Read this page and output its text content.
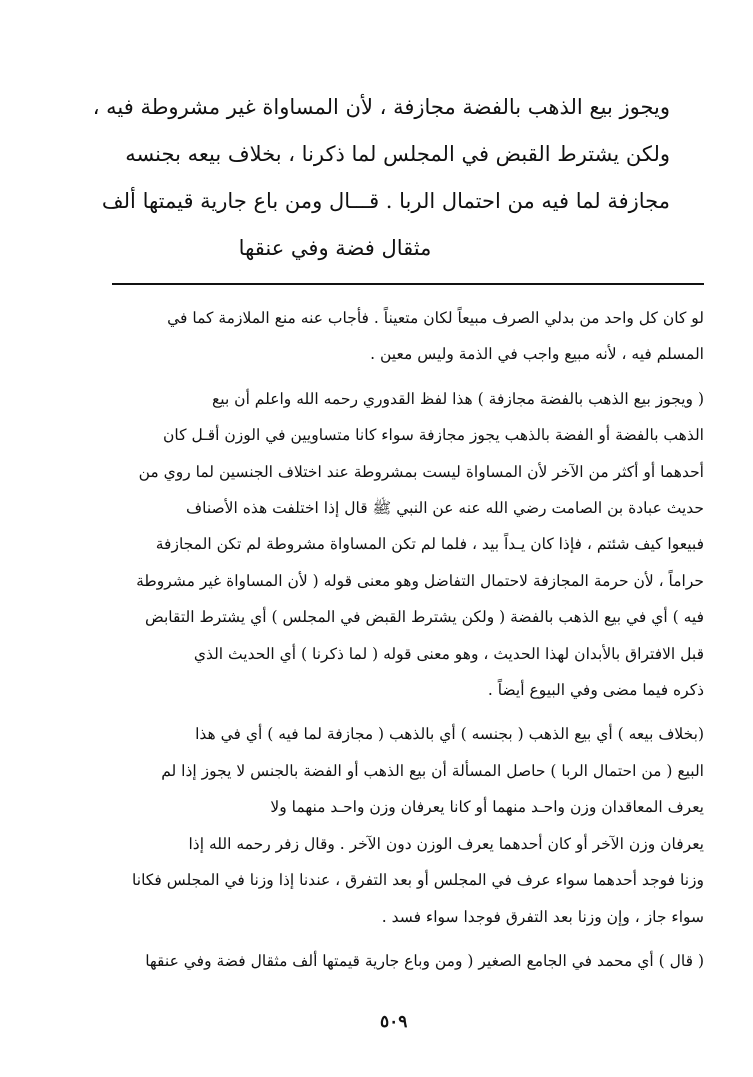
ويجوز بيع الذهب بالفضة مجازفة ، لأن المساواة غير مشروطة فيه ،
ولكن يشترط القبض في المجلس لما ذكرنا ، بخلاف بيعه بجنسه
مجازفة لما فيه من احتمال الربا . قـــال ومن باع جارية قيمتها ألف
مثقال فضة وفي عنقها
لو كان كل واحد من بدلي الصرف مبيعاً لكان متعيناً . فأجاب عنه منع الملازمة كما في
المسلم فيه ، لأنه مبيع واجب في الذمة وليس معين .
( ويجوز بيع الذهب بالفضة مجازفة ) هذا لفظ القدوري رحمه الله واعلم أن بيع
الذهب بالفضة أو الفضة بالذهب يجوز مجازفة سواء كانا متساويين في الوزن أقـل كان
أحدهما أو أكثر من الآخر لأن المساواة ليست بمشروطة عند اختلاف الجنسين لما روي من
حديث عبادة بن الصامت رضي الله عنه عن النبي ﷺ قال إذا اختلفت هذه الأصناف
فبيعوا كيف شئتم ، فإذا كان يـداً بيد ، فلما لم تكن المساواة مشروطة لم تكن المجازفة
حراماً ، لأن حرمة المجازفة لاحتمال التفاضل وهو معنى قوله ( لأن المساواة غير مشروطة
فيه ) أي في بيع الذهب بالفضة ( ولكن يشترط القبض في المجلس ) أي يشترط التقابض
قبل الافتراق بالأبدان لهذا الحديث ، وهو معنى قوله ( لما ذكرنا ) أي الحديث الذي
ذكره فيما مضى وفي البيوع أيضاً .
(بخلاف بيعه ) أي بيع الذهب ( بجنسه ) أي بالذهب ( مجازفة لما فيه ) أي في هذا
البيع ( من احتمال الربا ) حاصل المسألة أن بيع الذهب أو الفضة بالجنس لا يجوز إذا لم
يعرف المعاقدان وزن واحـد منهما أو كانا يعرفان وزن واحـد منهما ولا
يعرفان وزن الآخر أو كان أحدهما يعرف الوزن دون الآخر . وقال زفر رحمه الله إذا
وزنا فوجد أحدهما سواء عرف في المجلس أو بعد التفرق ، عندنا إذا وزنا في المجلس فكانا
سواء جاز ، وإن وزنا بعد التفرق فوجدا سواء فسد .
( قال ) أي محمد في الجامع الصغير ( ومن وباع جارية قيمتها ألف مثقال فضة وفي عنقها
٥٠٩
